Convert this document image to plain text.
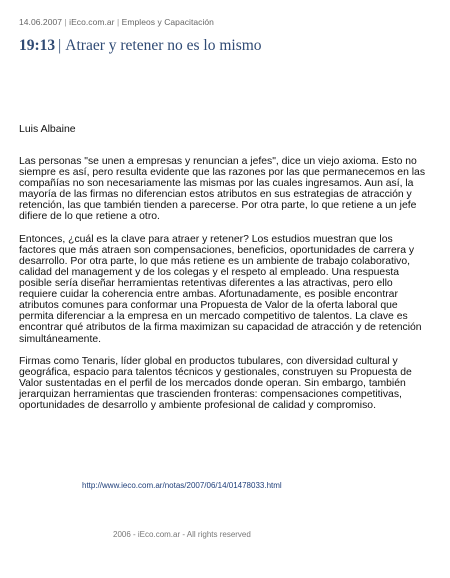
14.06.2007 | iEco.com.ar | Empleos y Capacitación
19:13 | Atraer y retener no es lo mismo
Luis Albaine

Las personas "se unen a empresas y renuncian a jefes", dice un viejo axioma. Esto no siempre es así, pero resulta evidente que las razones por las que permanecemos en las compañías no son necesariamente las mismas por las cuales ingresamos. Aun así, la mayoría de las firmas no diferencian estos atributos en sus estrategias de atracción y retención, las que también tienden a parecerse. Por otra parte, lo que retiene a un jefe difiere de lo que retiene a otro.

Entonces, ¿cuál es la clave para atraer y retener? Los estudios muestran que los factores que más atraen son compensaciones, beneficios, oportunidades de carrera y desarrollo. Por otra parte, lo que más retiene es un ambiente de trabajo colaborativo, calidad del management y de los colegas y el respeto al empleado. Una respuesta posible sería diseñar herramientas retentivas diferentes a las atractivas, pero ello requiere cuidar la coherencia entre ambas. Afortunadamente, es posible encontrar atributos comunes para conformar una Propuesta de Valor de la oferta laboral que permita diferenciar a la empresa en un mercado competitivo de talentos. La clave es encontrar qué atributos de la firma maximizan su capacidad de atracción y de retención simultáneamente.

Firmas como Tenaris, líder global en productos tubulares, con diversidad cultural y geográfica, espacio para talentos técnicos y gestionales, construyen su Propuesta de Valor sustentadas en el perfil de los mercados donde operan. Sin embargo, también jerarquizan herramientas que trascienden fronteras: compensaciones competitivas, oportunidades de desarrollo y ambiente profesional de calidad y compromiso.

http://www.ieco.com.ar/notas/2007/06/14/01478033.html
2006 - iEco.com.ar - All rights reserved
